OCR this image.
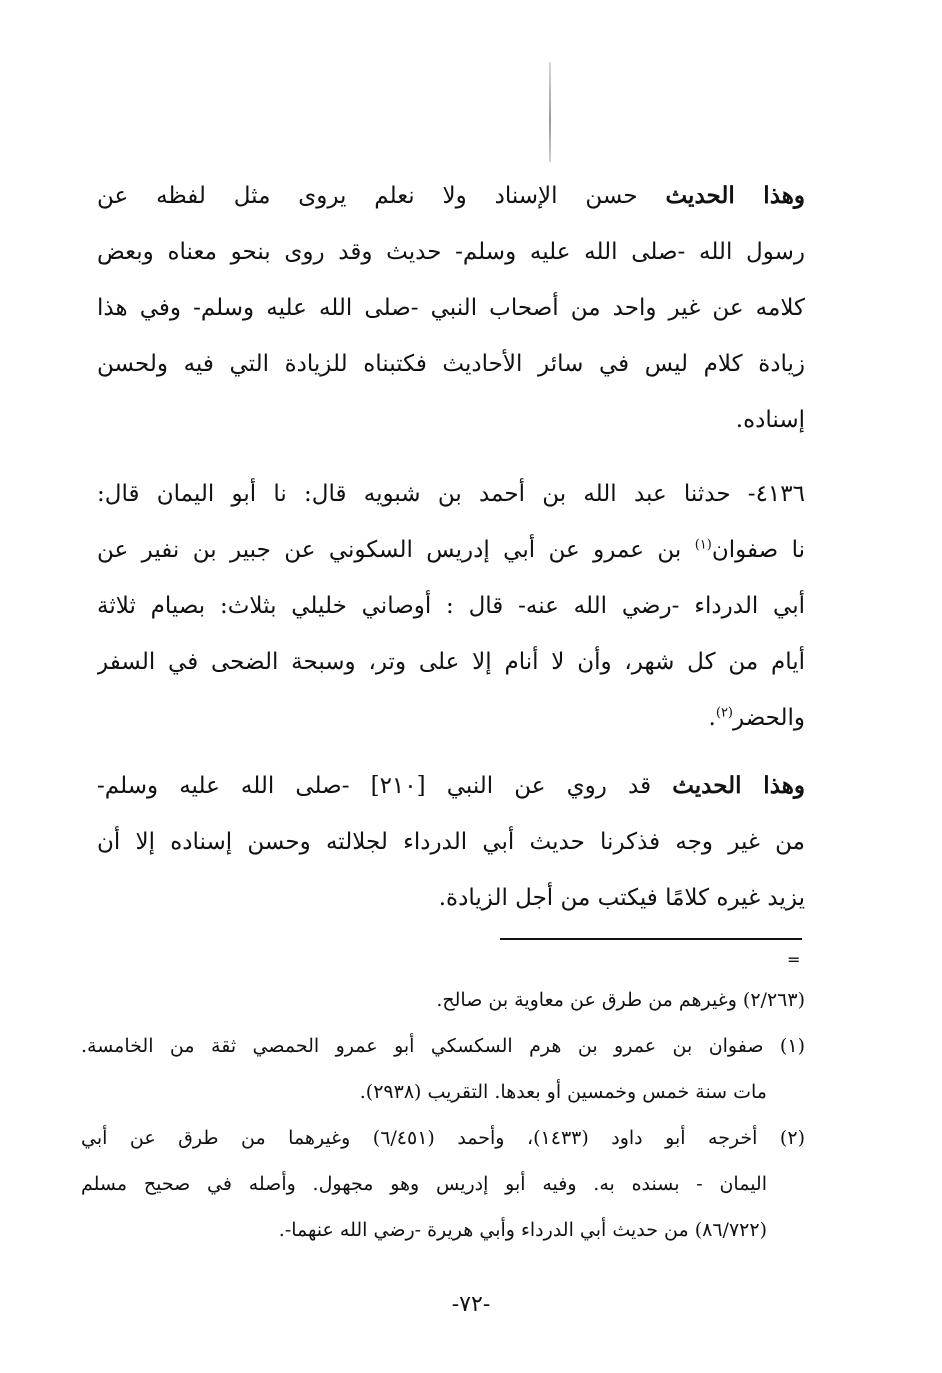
وهذا الحديث حسن الإسناد ولا نعلم يروى مثل لفظه عن
رسول الله -صلى الله عليه وسلم- حديث وقد روى بنحو معناه وبعض
كلامه عن غير واحد من أصحاب النبي -صلى الله عليه وسلم- وفي هذا
زيادة كلام ليس في سائر الأحاديث فكتبناه للزيادة التي فيه ولحسن
إسناده.
٤١٣٦- حدثنا عبد الله بن أحمد بن شبويه قال: نا أبو اليمان قال:
نا صفوان$^{(١)}$ بن عمرو عن أبي إدريس السكوني عن جبير بن نفير عن
أبي الدرداء -رضي الله عنه- قال : أوصاني خليلي بثلاث: بصيام ثلاثة
أيام من كل شهر، وأن لا أنام إلا على وتر، وسبحة الضحى في السفر
والحضر$^{(٢)}$.
وهذا الحديث قد روي عن النبي [٢١٠] -صلى الله عليه وسلم-
من غير وجه فذكرنا حديث أبي الدرداء لجلالته وحسن إسناده إلا أن
يزيد غيره كلامًا فيكتب من أجل الزيادة.
=
(٢/٢٦٣) وغيرهم من طرق عن معاوية بن صالح.
(١) صفوان بن عمرو بن هرم السكسكي أبو عمرو الحمصي ثقة من الخامسة.
مات سنة خمس وخمسين أو بعدها. التقريب (٢٩٣٨).
(٢) أخرجه أبو داود (١٤٣٣)، وأحمد (٦/٤٥١) وغيرهما من طرق عن أبي
اليمان - بسنده به. وفيه أبو إدريس وهو مجهول. وأصله في صحيح مسلم
(٨٦/٧٢٢) من حديث أبي الدرداء وأبي هريرة -رضي الله عنهما-.
-٧٢-
